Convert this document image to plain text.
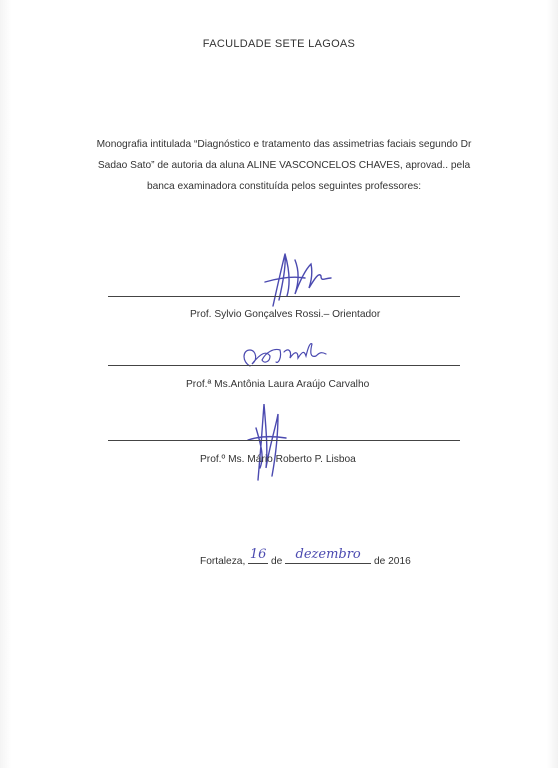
FACULDADE SETE LAGOAS
Monografia intitulada “Diagnóstico e tratamento das assimetrias faciais segundo Dr
Sadao Sato” de autoria da aluna ALINE VASCONCELOS CHAVES, aprovad.. pela
banca examinadora constituída pelos seguintes professores:
Prof. Sylvio Gonçalves Rossi.– Orientador
Prof.ª Ms.Antônia Laura Araújo Carvalho
Prof.º Ms. Mário Roberto P. Lisboa
Fortaleza, 16 de dezembro	de 2016
